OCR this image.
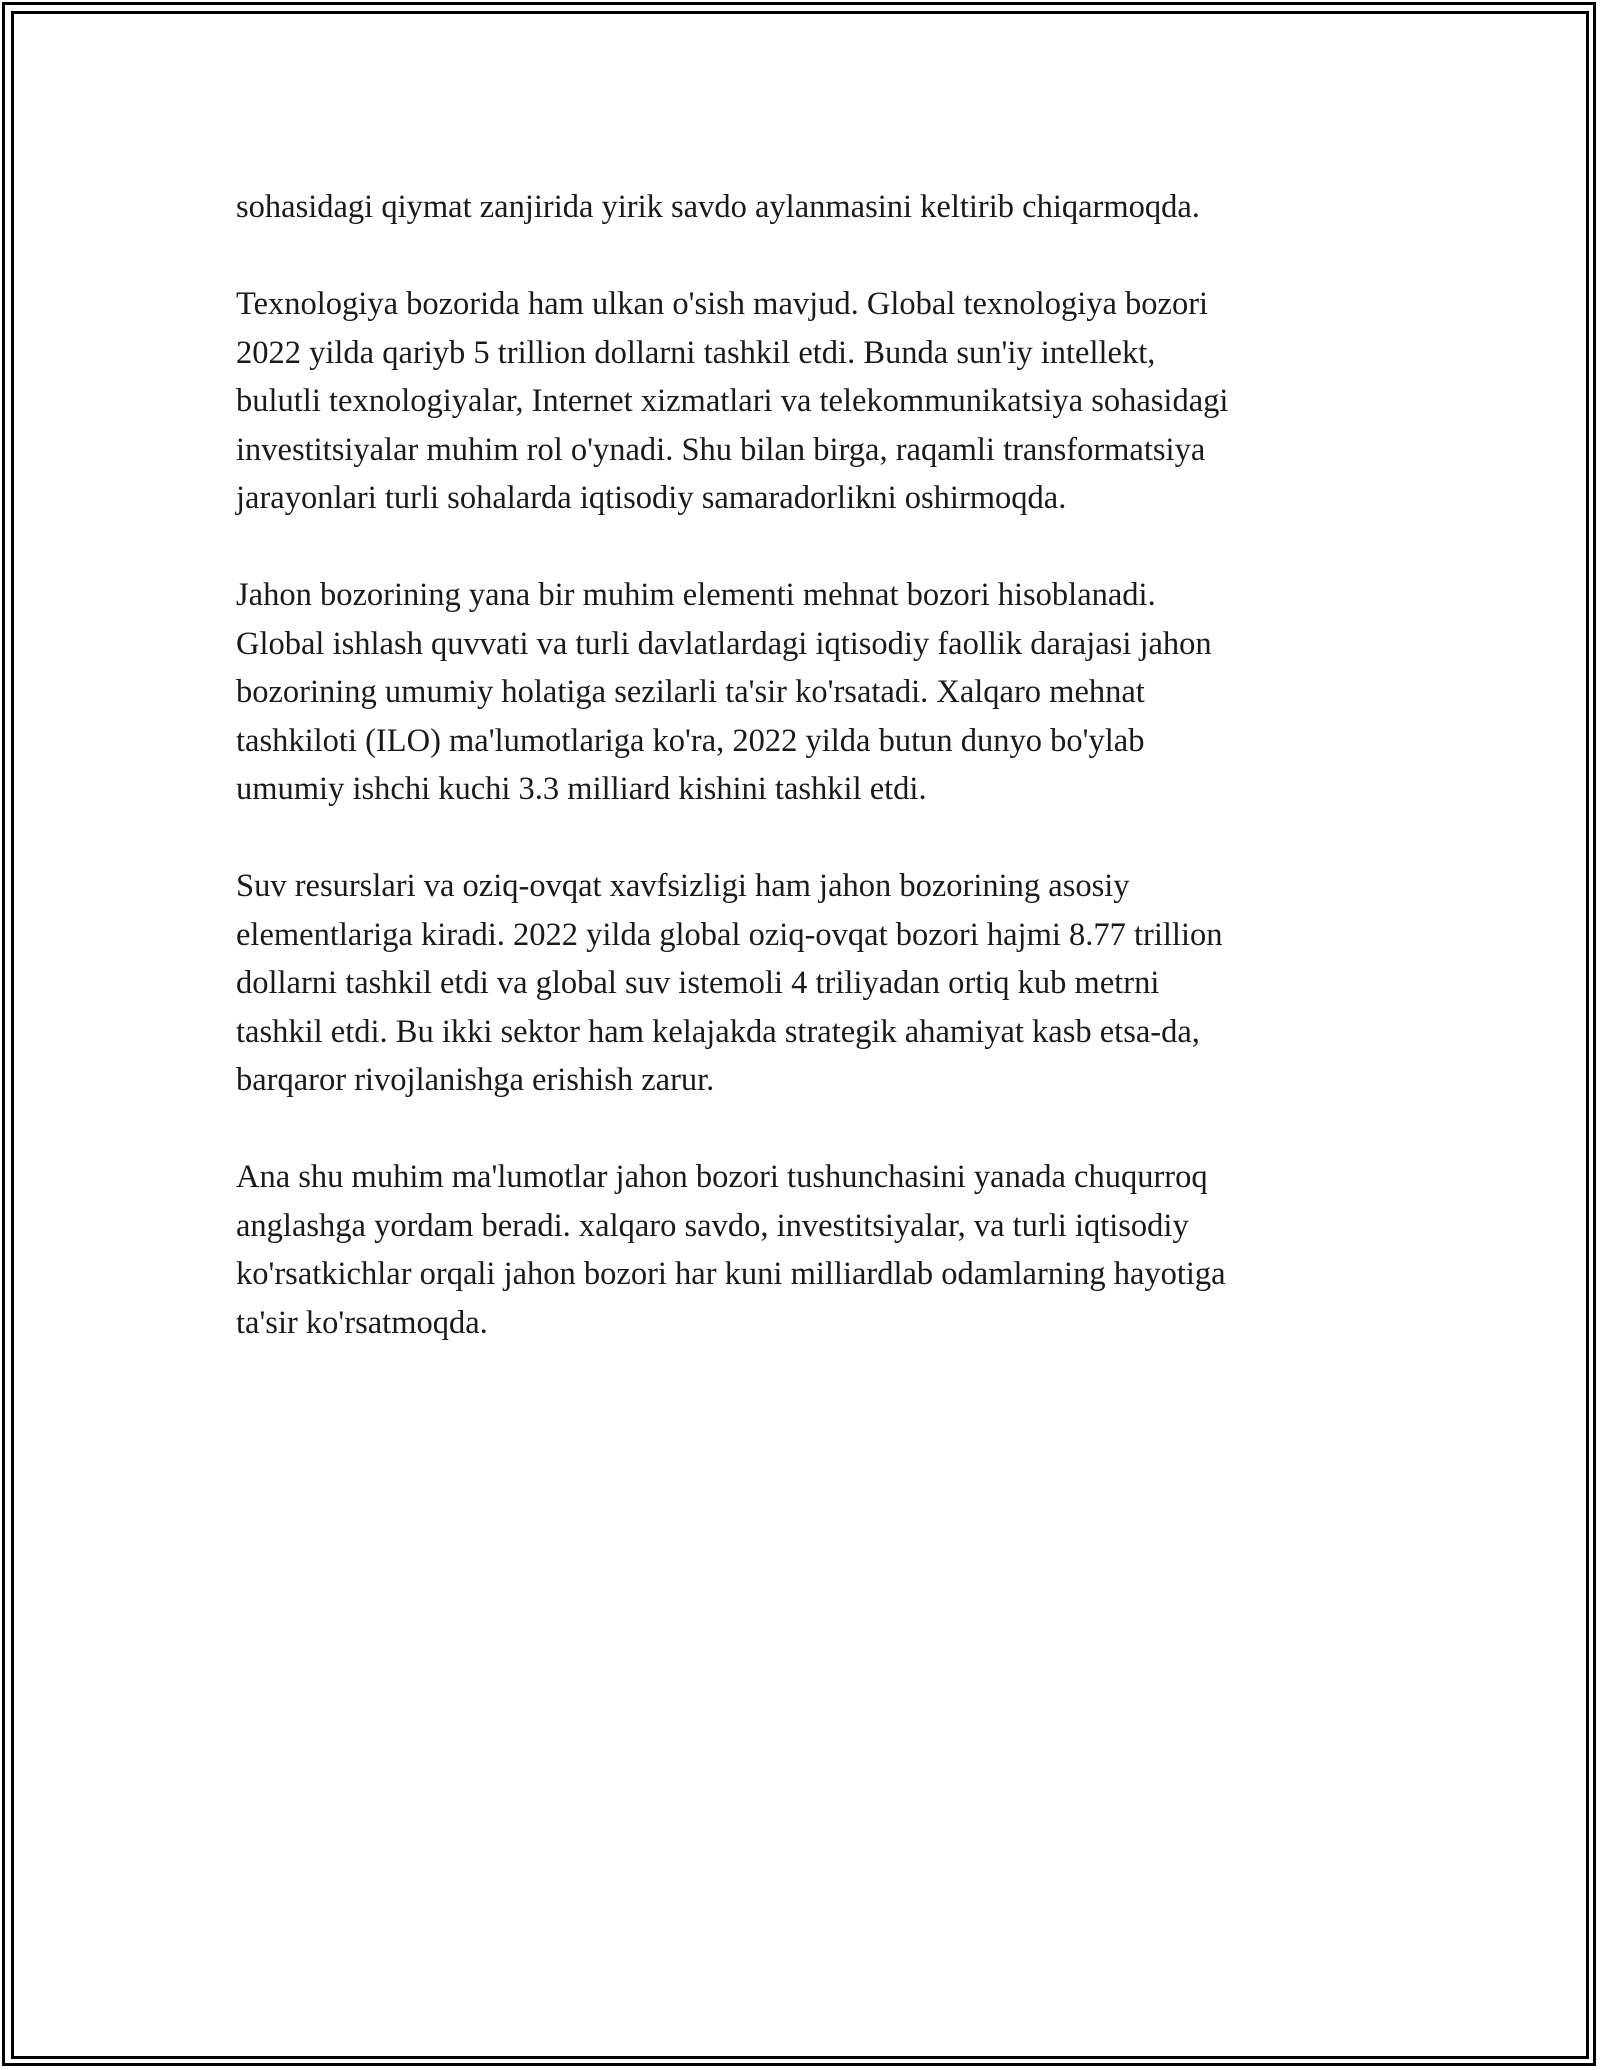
sohasidagi qiymat zanjirida yirik savdo aylanmasini keltirib chiqarmoqda.

Texnologiya bozorida ham ulkan o'sish mavjud. Global texnologiya bozori
2022 yilda qariyb 5 trillion dollarni tashkil etdi. Bunda sun'iy intellekt,
bulutli texnologiyalar, Internet xizmatlari va telekommunikatsiya sohasidagi
investitsiyalar muhim rol o'ynadi. Shu bilan birga, raqamli transformatsiya
jarayonlari turli sohalarda iqtisodiy samaradorlikni oshirmoqda.

Jahon bozorining yana bir muhim elementi mehnat bozori hisoblanadi.
Global ishlash quvvati va turli davlatlardagi iqtisodiy faollik darajasi jahon
bozorining umumiy holatiga sezilarli ta'sir ko'rsatadi. Xalqaro mehnat
tashkiloti (ILO) ma'lumotlariga ko'ra, 2022 yilda butun dunyo bo'ylab
umumiy ishchi kuchi 3.3 milliard kishini tashkil etdi.

Suv resurslari va oziq-ovqat xavfsizligi ham jahon bozorining asosiy
elementlariga kiradi. 2022 yilda global oziq-ovqat bozori hajmi 8.77 trillion
dollarni tashkil etdi va global suv istemoli 4 triliyadan ortiq kub metrni
tashkil etdi. Bu ikki sektor ham kelajakda strategik ahamiyat kasb etsa-da,
barqaror rivojlanishga erishish zarur.

Ana shu muhim ma'lumotlar jahon bozori tushunchasini yanada chuqurroq
anglashga yordam beradi. xalqaro savdo, investitsiyalar, va turli iqtisodiy
ko'rsatkichlar orqali jahon bozori har kuni milliardlab odamlarning hayotiga
ta'sir ko'rsatmoqda.
